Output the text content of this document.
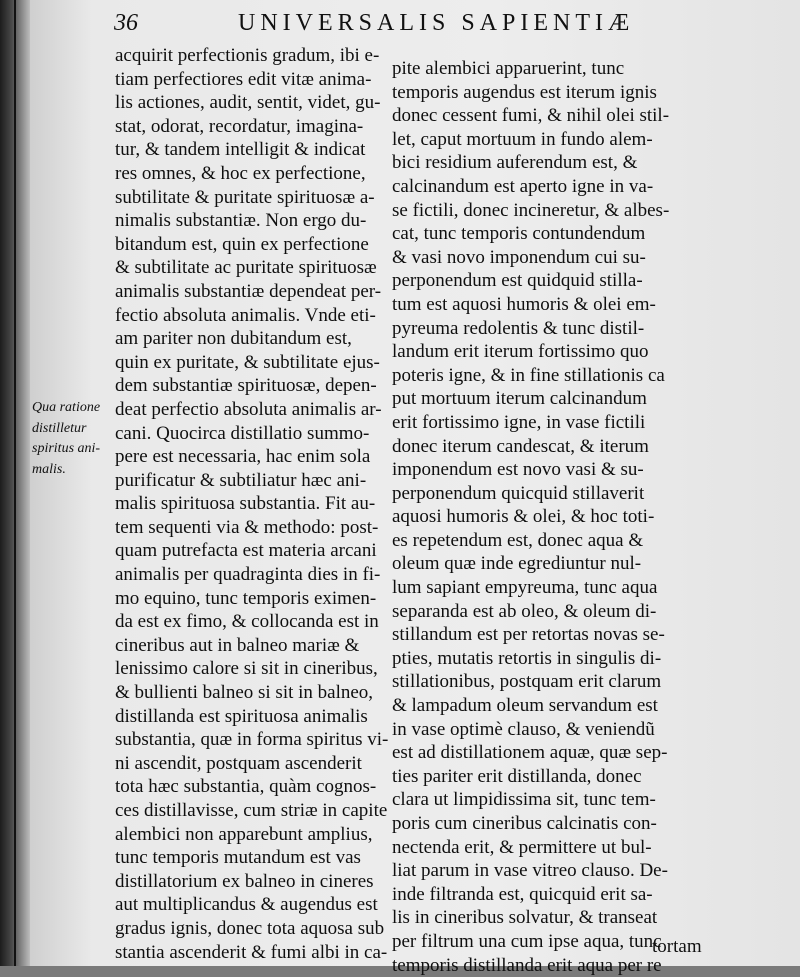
36	UNIVERSALIS SAPIENTIÆ
Qua ratione
distilletur
spiritus ani-
malis.
acquirit perfectionis gradum, ibi e-
tiam perfectiores edit vitæ anima-
lis actiones, audit, sentit, videt, gu-
stat, odorat, recordatur, imagina-
tur, & tandem intelligit & indicat
res omnes, & hoc ex perfectione,
subtilitate & puritate spirituosæ a-
nimalis substantiæ. Non ergo du-
bitandum est, quin ex perfectione
& subtilitate ac puritate spirituosæ
animalis substantiæ dependeat per-
fectio absoluta animalis. Vnde eti-
am pariter non dubitandum est,
quin ex puritate, & subtilitate ejus-
dem substantiæ spirituosæ, depen-
deat perfectio absoluta animalis ar-
cani. Quocirca distillatio summo-
pere est necessaria, hac enim sola
purificatur & subtiliatur hæc ani-
malis spirituosa substantia. Fit au-
tem sequenti via & methodo: post-
quam putrefacta est materia arcani
animalis per quadraginta dies in fi-
mo equino, tunc temporis eximen-
da est ex fimo, & collocanda est in
cineribus aut in balneo mariæ &
lenissimo calore si sit in cineribus,
& bullienti balneo si sit in balneo,
distillanda est spirituosa animalis
substantia, quæ in forma spiritus vi-
ni ascendit, postquam ascenderit
tota hæc substantia, quàm cognos-
ces distillavisse, cum striæ in capite
alembici non apparebunt amplius,
tunc temporis mutandum est vas
distillatorium ex balneo in cineres
aut multiplicandus & augendus est
gradus ignis, donec tota aquosa sub
stantia ascenderit & fumi albi in ca-
pite alembici apparuerint, tunc
temporis augendus est iterum ignis
donec cessent fumi, & nihil olei stil-
let, caput mortuum in fundo alem-
bici residium auferendum est, &
calcinandum est aperto igne in va-
se fictili, donec incineretur, & albes-
cat, tunc temporis contundendum
& vasi novo imponendum cui su-
perponendum est quidquid stilla-
tum est aquosi humoris & olei em-
pyreuma redolentis & tunc distil-
landum erit iterum fortissimo quo
poteris igne, & in fine stillationis ca
put mortuum iterum calcinandum
erit fortissimo igne, in vase fictili
donec iterum candescat, & iterum
imponendum est novo vasi & su-
perponendum quicquid stillaverit
aquosi humoris & olei, & hoc toti-
es repetendum est, donec aqua &
oleum quæ inde egrediuntur nul-
lum sapiant empyreuma, tunc aqua
separanda est ab oleo, & oleum di-
stillandum est per retortas novas se-
pties, mutatis retortis in singulis di-
stillationibus, postquam erit clarum
& lampadum oleum servandum est
in vase optimè clauso, & veniendũ
est ad distillationem aquæ, quæ sep-
ties pariter erit distillanda, donec
clara ut limpidissima sit, tunc tem-
poris cum cineribus calcinatis con-
nectenda erit, & permittere ut bul-
liat parum in vase vitreo clauso. De-
inde filtranda est, quicquid erit sa-
lis in cineribus solvatur, & transeat
per filtrum una cum ipse aqua, tunc
temporis distillanda erit aqua per re
tortam
